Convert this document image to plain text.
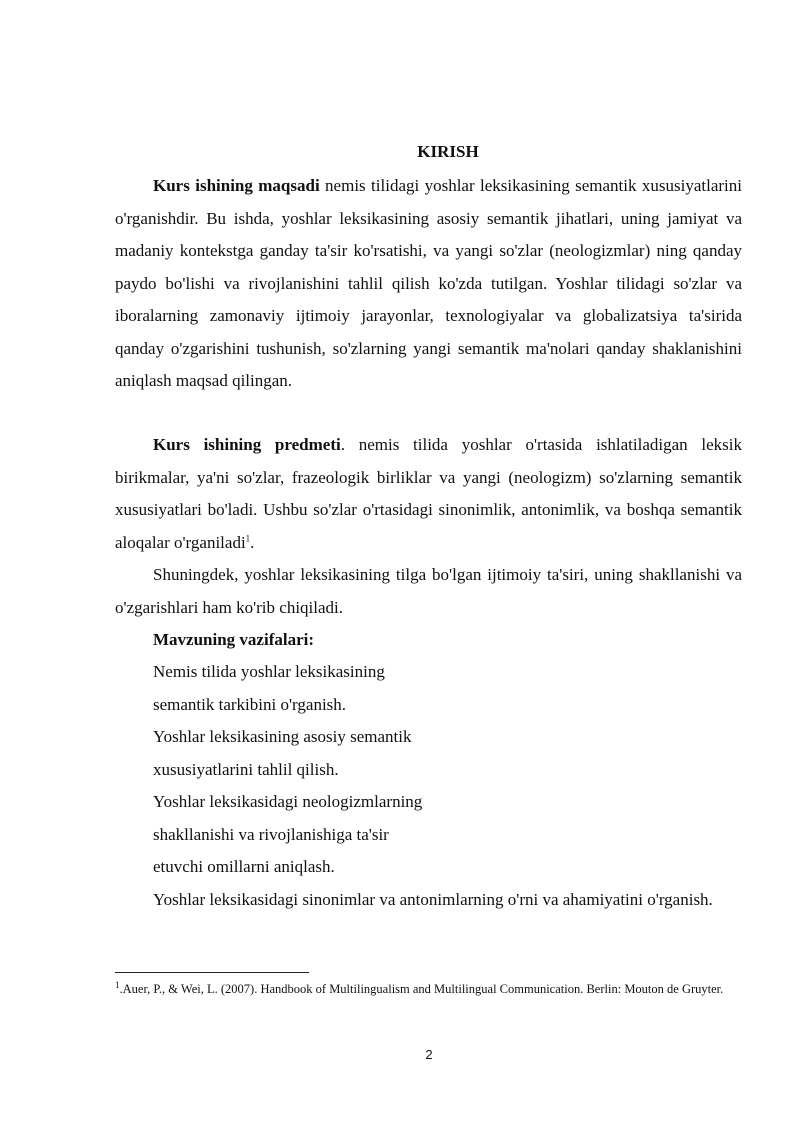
KIRISH

Kurs ishining maqsadi nemis tilidagi yoshlar leksikasining semantik xususiyatlarini o'rganishdir. Bu ishda, yoshlar leksikasining asosiy semantik jihatlari, uning jamiyat va madaniy kontekstga ganday ta'sir ko'rsatishi, va yangi so'zlar (neologizmlar) ning qanday paydo bo'lishi va rivojlanishini tahlil qilish ko'zda tutilgan. Yoshlar tilidagi so'zlar va iboralarning zamonaviy ijtimoiy jarayonlar, texnologiyalar va globalizatsiya ta'sirida qanday o'zgarishini tushunish, so'zlarning yangi semantik ma'nolari qanday shaklanishini aniqlash maqsad qilingan.

Kurs ishining predmeti. nemis tilida yoshlar o'rtasida ishlatiladigan leksik birikmalar, ya'ni so'zlar, frazeologik birliklar va yangi (neologizm) so'zlarning semantik xususiyatlari bo'ladi. Ushbu so'zlar o'rtasidagi sinonimlik, antonimlik, va boshqa semantik aloqalar o'rganiladi$^1$.

Shuningdek, yoshlar leksikasining tilga bo'lgan ijtimoiy ta'siri, uning shakllanishi va o'zgarishlari ham ko'rib chiqiladi.

Mavzuning vazifalari:
Nemis tilida yoshlar leksikasining
semantik tarkibini o'rganish.
Yoshlar leksikasining asosiy semantik
xususiyatlarini tahlil qilish.
Yoshlar leksikasidagi neologizmlarning
shakllanishi va rivojlanishiga ta'sir
etuvchi omillarni aniqlash.

Yoshlar leksikasidagi sinonimlar va antonimlarning o'rni va ahamiyatini o'rganish.

$^1$.Auer, P., & Wei, L. (2007). Handbook of Multilingualism and Multilingual Communication. Berlin: Mouton de Gruyter.
2
